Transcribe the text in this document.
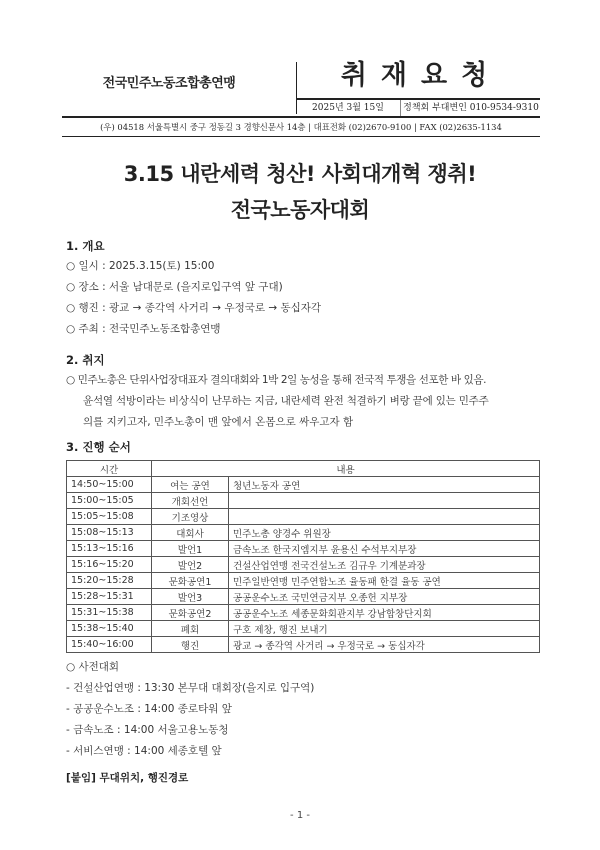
전국민주노동조합총연맹	취재요청
2025년 3월 15일	정책회 부대변인 010-9534-9310
(우) 04518 서울특별시 중구 정동길 3 경향신문사 14층 | 대표전화 (02)2670-9100 | FAX (02)2635-1134
3.15 내란세력 청산! 사회대개혁 쟁취!
전국노동자대회
1. 개요
○ 일시 : 2025.3.15(토) 15:00
○ 장소 : 서울 남대문로 (을지로입구역 앞 구대)
○ 행진 : 광교 → 종각역 사거리 → 우정국로 → 동십자각
○ 주최 : 전국민주노동조합총연맹
2. 취지
○ 민주노총은 단위사업장대표자 결의대회와 1박 2일 농성을 통해 전국적 투쟁을 선포한 바 있음.
윤석열 석방이라는 비상식이 난무하는 지금, 내란세력 완전 척결하기 벼랑 끝에 있는 민주주
의를 지키고자, 민주노총이 맨 앞에서 온몸으로 싸우고자 함
3. 진행 순서
시간	내용	
14:50~15:00	여는 공연	청년노동자 공연
15:00~15:05	개회선언	
15:05~15:08	기조영상	
15:08~15:13	대회사	민주노총 양경수 위원장
15:13~15:16	발언1	금속노조 한국지엠지부 윤용신 수석부지부장
15:16~15:20	발언2	건설산업연맹 전국건설노조 김규우 기계분과장
15:20~15:28	문화공연1	민주일반연맹 민주연합노조 율동패 한결 율동 공연
15:28~15:31	발언3	공공운수노조 국민연금지부 오종헌 지부장
15:31~15:38	문화공연2	공공운수노조 세종문화회관지부 강남합창단지회
15:38~15:40	폐회	구호 제창, 행진 보내기
15:40~16:00	행진	광교 → 종각역 사거리 → 우정국로 → 동십자각
○ 사전대회
- 건설산업연맹 : 13:30 본무대 대회장(을지로 입구역)
- 공공운수노조 : 14:00 종로타워 앞
- 금속노조 : 14:00 서울고용노동청
- 서비스연맹 : 14:00 세종호텔 앞
[붙임] 무대위치, 행진경로
- 1 -
